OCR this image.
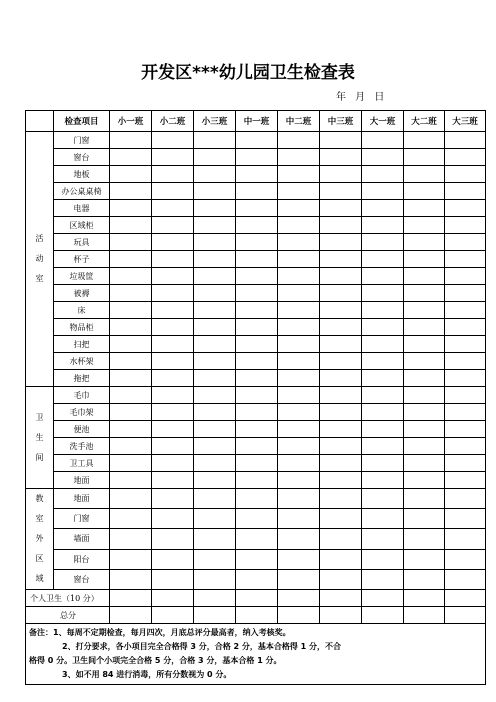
开发区***幼儿园卫生检查表
年 月 日
	检查项目	小一班	小二班	小三班	中一班	中二班	中三班	大一班	大二班	大三班
活动室	门窗									
	窗台									
	地板									
	办公桌桌椅									
	电器									
	区域柜									
	玩具									
	杯子									
	垃圾筐									
	被褥									
	床									
	物品柜									
	扫把									
	水杯架									
	拖把									
卫生间	毛巾									
	毛巾架									
	便池									
	洗手池									
	卫工具									
	地面									
教室外区域	地面									
	门窗									
	墙面									
	阳台									
	窗台									
个人卫生（10 分）										
总分										

备注：1、每周不定期检查，每月四次，月底总评分最高者，纳入考核奖。
2、打分要求，各小项目完全合格得 3 分，合格 2 分，基本合格得 1 分，不合
格得 0 分。卫生间个小项完全合格 5 分，合格 3 分，基本合格 1 分。
3、如不用 84 进行消毒，所有分数视为 0 分。										
